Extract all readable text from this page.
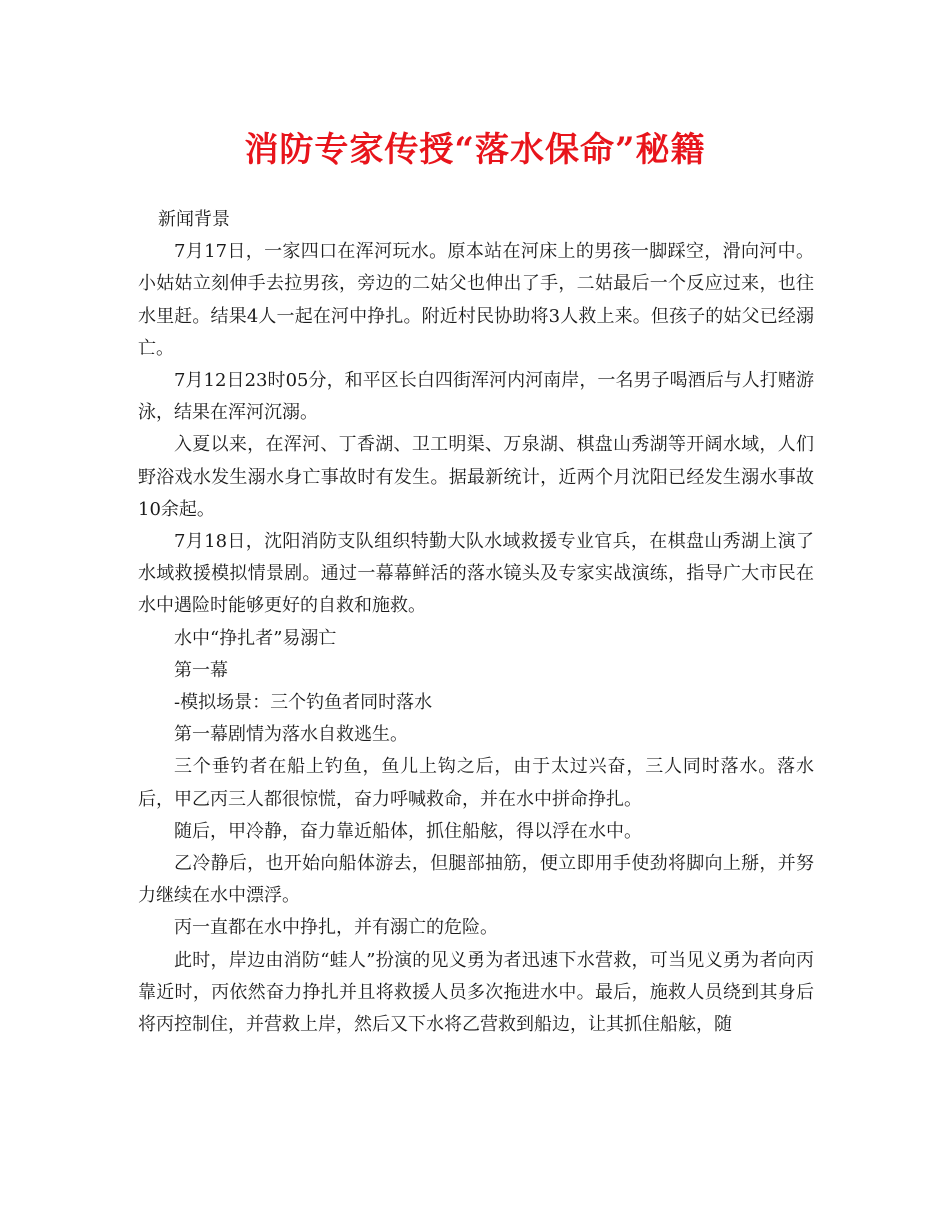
消防专家传授“落水保命”秘籍

新闻背景

7月17日，一家四口在浑河玩水。原本站在河床上的男孩一脚踩空，滑向河中。小姑姑立刻伸手去拉男孩，旁边的二姑父也伸出了手，二姑最后一个反应过来，也往水里赶。结果4人一起在河中挣扎。附近村民协助将3人救上来。但孩子的姑父已经溺亡。

7月12日23时05分，和平区长白四街浑河内河南岸，一名男子喝酒后与人打赌游泳，结果在浑河沉溺。

入夏以来，在浑河、丁香湖、卫工明渠、万泉湖、棋盘山秀湖等开阔水域，人们野浴戏水发生溺水身亡事故时有发生。据最新统计，近两个月沈阳已经发生溺水事故10余起。

7月18日，沈阳消防支队组织特勤大队水域救援专业官兵，在棋盘山秀湖上演了水域救援模拟情景剧。通过一幕幕鲜活的落水镜头及专家实战演练，指导广大市民在水中遇险时能够更好的自救和施救。

水中“挣扎者”易溺亡

第一幕

-模拟场景：三个钓鱼者同时落水

第一幕剧情为落水自救逃生。

三个垂钓者在船上钓鱼，鱼儿上钩之后，由于太过兴奋，三人同时落水。落水后，甲乙丙三人都很惊慌，奋力呼喊救命，并在水中拼命挣扎。

随后，甲冷静，奋力靠近船体，抓住船舷，得以浮在水中。

乙冷静后，也开始向船体游去，但腿部抽筋，便立即用手使劲将脚向上掰，并努力继续在水中漂浮。

丙一直都在水中挣扎，并有溺亡的危险。

此时，岸边由消防“蛙人”扮演的见义勇为者迅速下水营救，可当见义勇为者向丙靠近时，丙依然奋力挣扎并且将救援人员多次拖进水中。最后，施救人员绕到其身后将丙控制住，并营救上岸，然后又下水将乙营救到船边，让其抓住船舷，随
